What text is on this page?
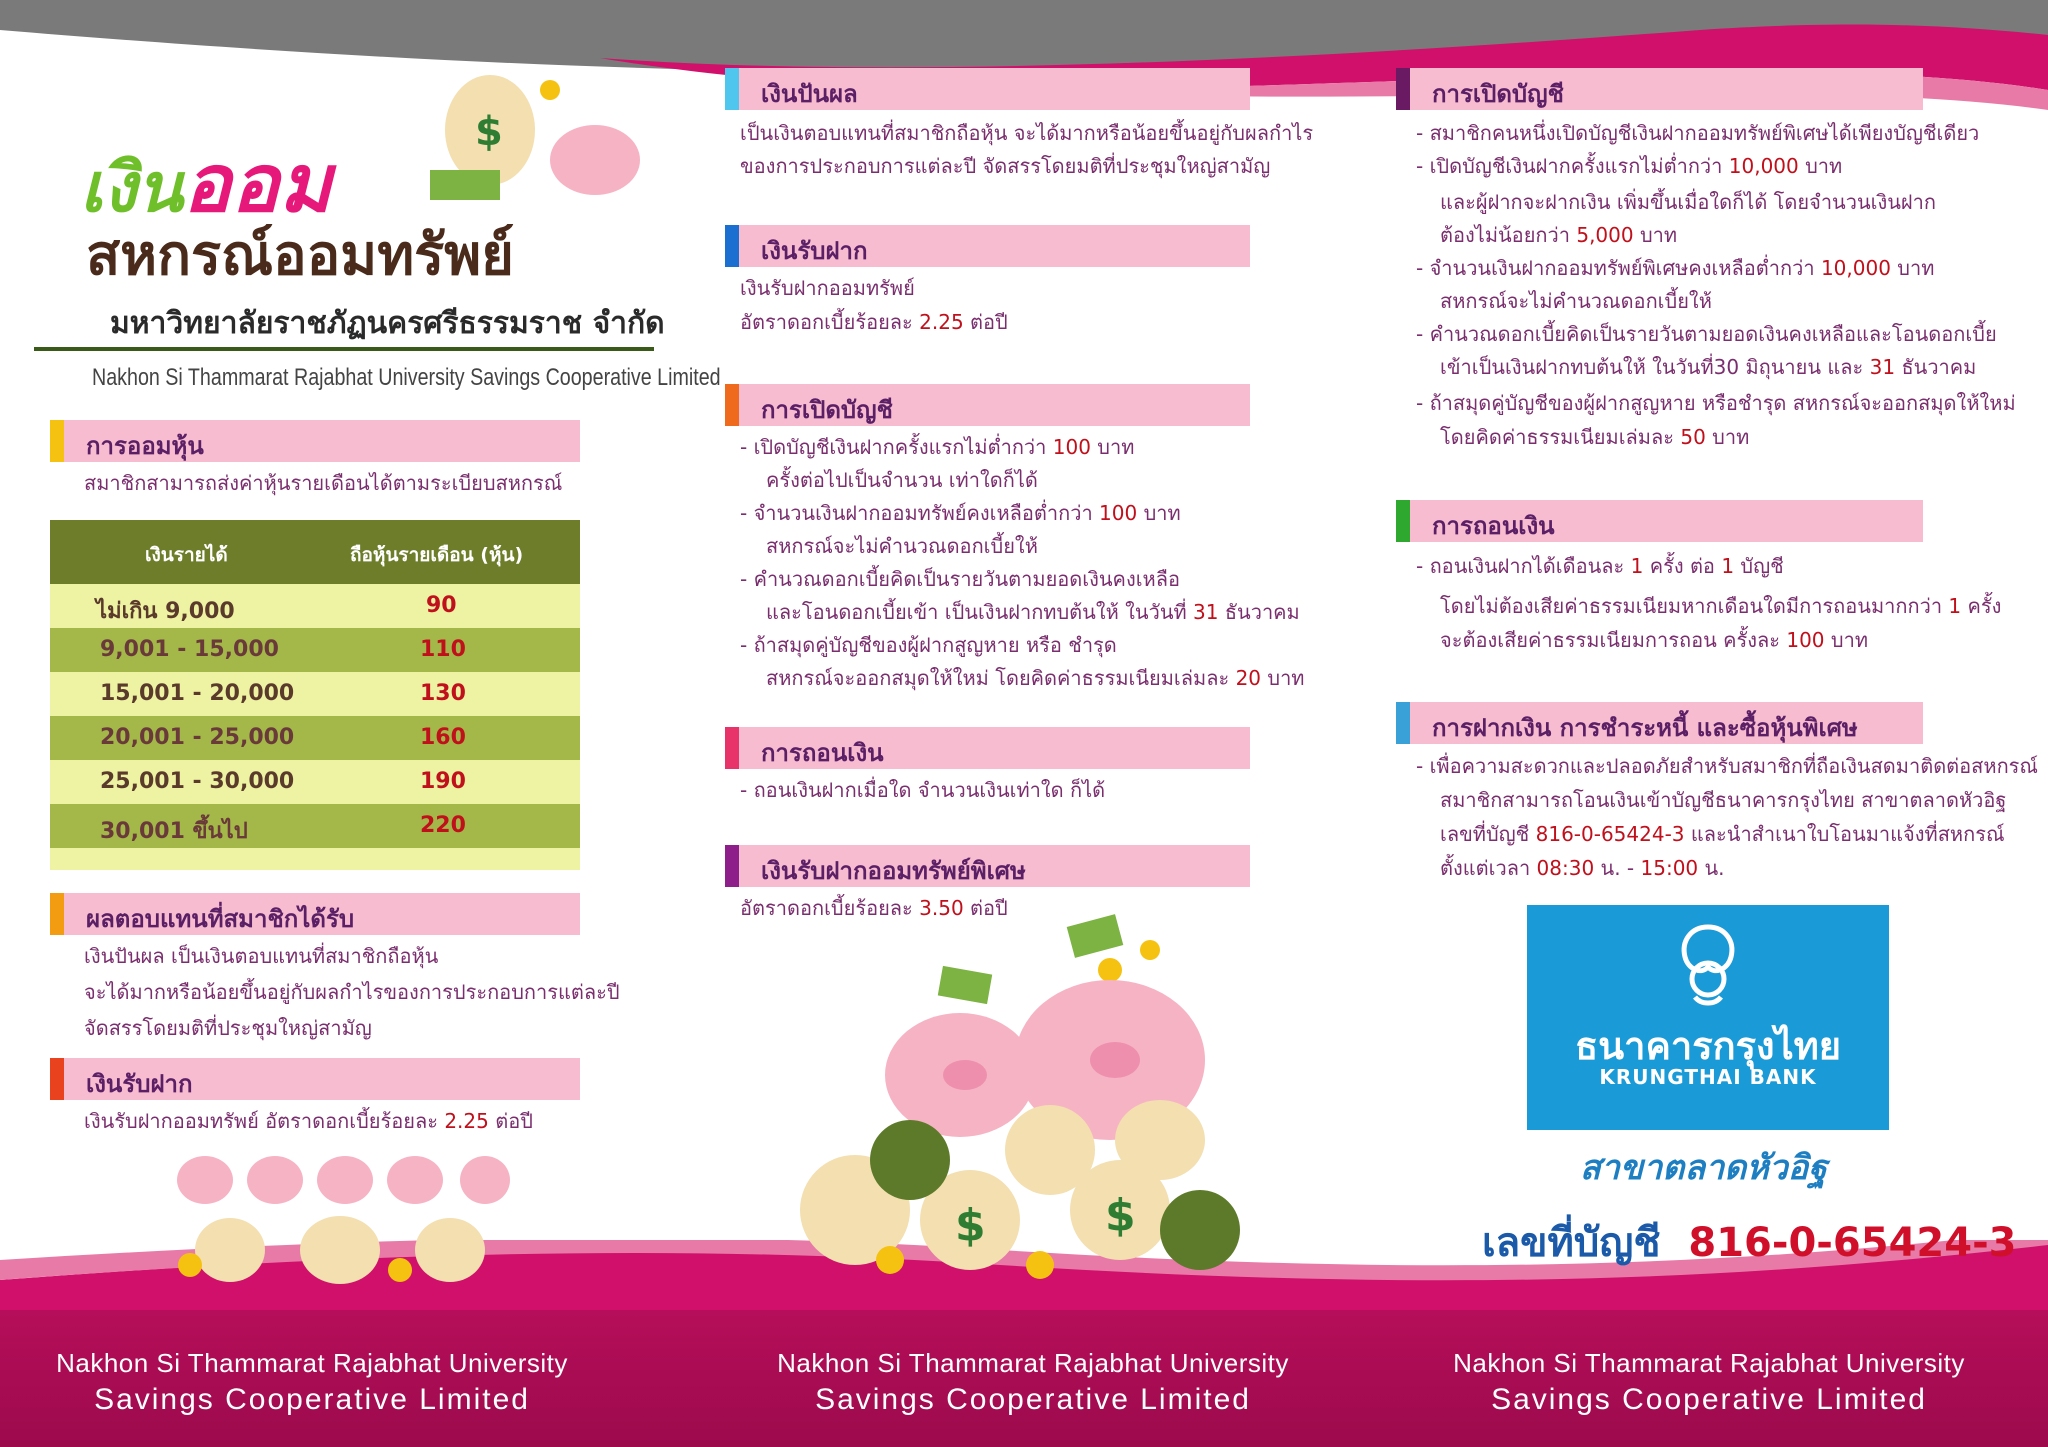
เงินออม
$
สหกรณ์ออมทรัพย์
มหาวิทยาลัยราชภัฏนครศรีธรรมราช จำกัด
Nakhon Si Thammarat Rajabhat University Savings Cooperative Limited
การออมหุ้น
สมาชิกสามารถส่งค่าหุ้นรายเดือนได้ตามระเบียบสหกรณ์
เงินรายได้	ถือหุ้นรายเดือน (หุ้น)
ไม่เกิน 9,000	90
9,001 - 15,000	110
15,001 - 20,000	130
20,001 - 25,000	160
25,001 - 30,000	190
30,001 ขึ้นไป	220
ผลตอบแทนที่สมาชิกได้รับ
เงินปันผล เป็นเงินตอบแทนที่สมาชิกถือหุ้น
จะได้มากหรือน้อยขึ้นอยู่กับผลกำไรของการประกอบการแต่ละปี
จัดสรรโดยมติที่ประชุมใหญ่สามัญ
เงินรับฝาก
เงินรับฝากออมทรัพย์ อัตราดอกเบี้ยร้อยละ 2.25 ต่อปี
เงินปันผล
เป็นเงินตอบแทนที่สมาชิกถือหุ้น จะได้มากหรือน้อยขึ้นอยู่กับผลกำไร
ของการประกอบการแต่ละปี จัดสรรโดยมติที่ประชุมใหญ่สามัญ
เงินรับฝาก
เงินรับฝากออมทรัพย์
อัตราดอกเบี้ยร้อยละ 2.25 ต่อปี
การเปิดบัญชี
- เปิดบัญชีเงินฝากครั้งแรกไม่ต่ำกว่า 100 บาท
ครั้งต่อไปเป็นจำนวน เท่าใดก็ได้
- จำนวนเงินฝากออมทรัพย์คงเหลือต่ำกว่า 100 บาท
สหกรณ์จะไม่คำนวณดอกเบี้ยให้
- คำนวณดอกเบี้ยคิดเป็นรายวันตามยอดเงินคงเหลือ
และโอนดอกเบี้ยเข้า เป็นเงินฝากทบต้นให้ ในวันที่ 31 ธันวาคม
- ถ้าสมุดคู่บัญชีของผู้ฝากสูญหาย หรือ ชำรุด
สหกรณ์จะออกสมุดให้ใหม่ โดยคิดค่าธรรมเนียมเล่มละ 20 บาท
การถอนเงิน
- ถอนเงินฝากเมื่อใด จำนวนเงินเท่าใด ก็ได้
เงินรับฝากออมทรัพย์พิเศษ
อัตราดอกเบี้ยร้อยละ 3.50 ต่อปี
$	$
การเปิดบัญชี
- สมาชิกคนหนึ่งเปิดบัญชีเงินฝากออมทรัพย์พิเศษได้เพียงบัญชีเดียว
- เปิดบัญชีเงินฝากครั้งแรกไม่ต่ำกว่า 10,000 บาท
และผู้ฝากจะฝากเงิน เพิ่มขึ้นเมื่อใดก็ได้ โดยจำนวนเงินฝาก
ต้องไม่น้อยกว่า 5,000 บาท
- จำนวนเงินฝากออมทรัพย์พิเศษคงเหลือต่ำกว่า 10,000 บาท
สหกรณ์จะไม่คำนวณดอกเบี้ยให้
- คำนวณดอกเบี้ยคิดเป็นรายวันตามยอดเงินคงเหลือและโอนดอกเบี้ย
เข้าเป็นเงินฝากทบต้นให้ ในวันที่30 มิถุนายน และ 31 ธันวาคม
- ถ้าสมุดคู่บัญชีของผู้ฝากสูญหาย หรือชำรุด สหกรณ์จะออกสมุดให้ใหม่
โดยคิดค่าธรรมเนียมเล่มละ 50 บาท
การถอนเงิน
- ถอนเงินฝากได้เดือนละ 1 ครั้ง ต่อ 1 บัญชี
โดยไม่ต้องเสียค่าธรรมเนียมหากเดือนใดมีการถอนมากกว่า 1 ครั้ง
จะต้องเสียค่าธรรมเนียมการถอน ครั้งละ 100 บาท
การฝากเงิน การชำระหนี้ และซื้อหุ้นพิเศษ
- เพื่อความสะดวกและปลอดภัยสำหรับสมาชิกที่ถือเงินสดมาติดต่อสหกรณ์
สมาชิกสามารถโอนเงินเข้าบัญชีธนาคารกรุงไทย สาขาตลาดหัวอิฐ
เลขที่บัญชี 816-0-65424-3 และนำสำเนาใบโอนมาแจ้งที่สหกรณ์
ตั้งแต่เวลา 08:30 น. - 15:00 น.
ธนาคารกรุงไทย
KRUNGTHAI BANK
สาขาตลาดหัวอิฐ
เลขที่บัญชี 816-0-65424-3
Nakhon Si Thammarat Rajabhat University
Savings Cooperative Limited
Nakhon Si Thammarat Rajabhat University
Savings Cooperative Limited
Nakhon Si Thammarat Rajabhat University
Savings Cooperative Limited
